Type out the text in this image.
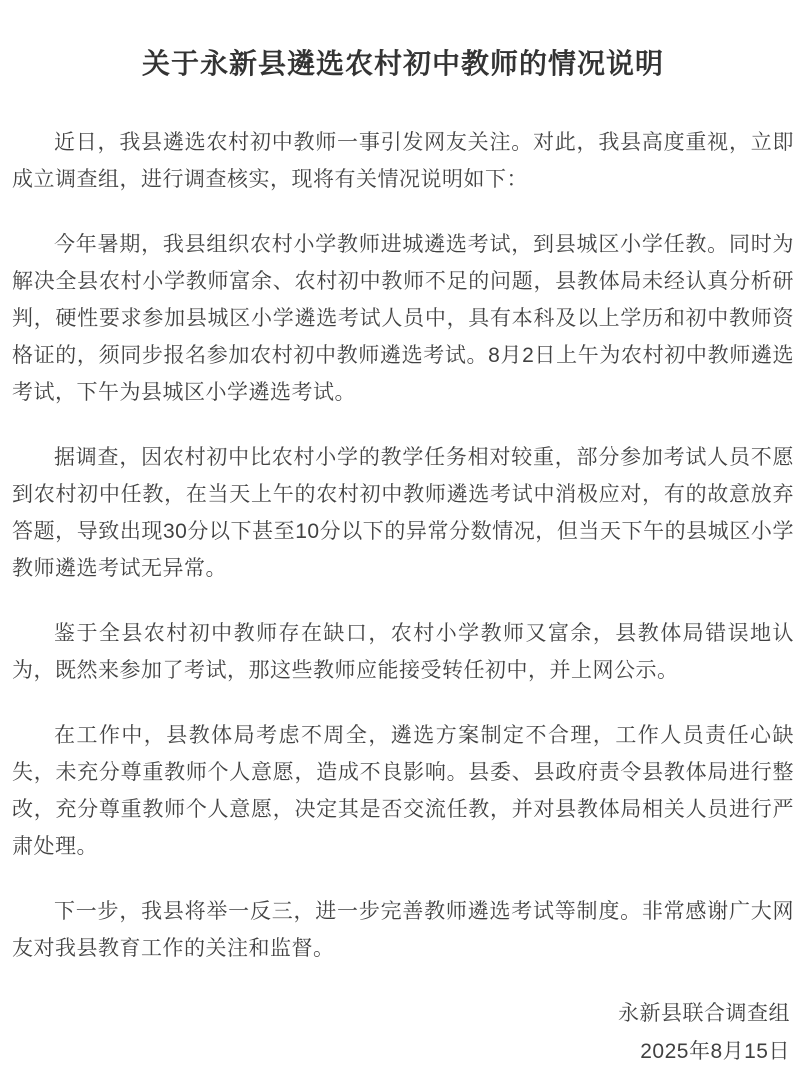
关于永新县遴选农村初中教师的情况说明

近日，我县遴选农村初中教师一事引发网友关注。对此，我县高度重视，立即成立调查组，进行调查核实，现将有关情况说明如下：

今年暑期，我县组织农村小学教师进城遴选考试，到县城区小学任教。同时为解决全县农村小学教师富余、农村初中教师不足的问题，县教体局未经认真分析研判，硬性要求参加县城区小学遴选考试人员中，具有本科及以上学历和初中教师资格证的，须同步报名参加农村初中教师遴选考试。8月2日上午为农村初中教师遴选考试，下午为县城区小学遴选考试。

据调查，因农村初中比农村小学的教学任务相对较重，部分参加考试人员不愿到农村初中任教，在当天上午的农村初中教师遴选考试中消极应对，有的故意放弃答题，导致出现30分以下甚至10分以下的异常分数情况，但当天下午的县城区小学教师遴选考试无异常。

鉴于全县农村初中教师存在缺口，农村小学教师又富余，县教体局错误地认为，既然来参加了考试，那这些教师应能接受转任初中，并上网公示。

在工作中，县教体局考虑不周全，遴选方案制定不合理，工作人员责任心缺失，未充分尊重教师个人意愿，造成不良影响。县委、县政府责令县教体局进行整改，充分尊重教师个人意愿，决定其是否交流任教，并对县教体局相关人员进行严肃处理。

下一步，我县将举一反三，进一步完善教师遴选考试等制度。非常感谢广大网友对我县教育工作的关注和监督。

永新县联合调查组
2025年8月15日
